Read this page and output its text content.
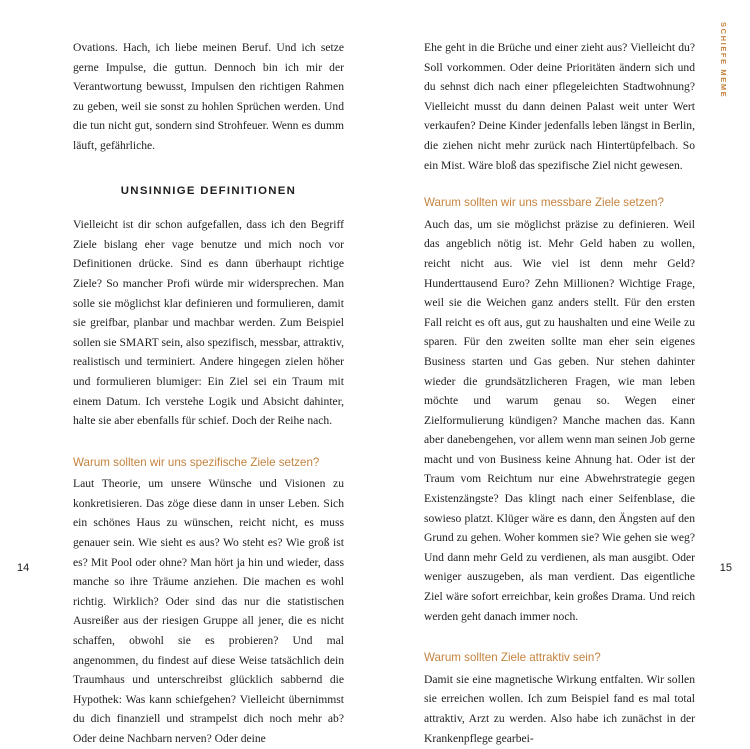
Ovations. Hach, ich liebe meinen Beruf. Und ich setze gerne Impulse, die guttun. Dennoch bin ich mir der Verantwortung bewusst, Impulsen den richtigen Rahmen zu geben, weil sie sonst zu hohlen Sprüchen werden. Und die tun nicht gut, sondern sind Strohfeuer. Wenn es dumm läuft, gefährliche.

UNSINNIGE DEFINITIONEN

Vielleicht ist dir schon aufgefallen, dass ich den Begriff Ziele bislang eher vage benutze und mich noch vor Definitionen drücke. Sind es dann überhaupt richtige Ziele? So mancher Profi würde mir widersprechen. Man solle sie möglichst klar definieren und formulieren, damit sie greifbar, planbar und machbar werden. Zum Beispiel sollen sie SMART sein, also spezifisch, messbar, attraktiv, realistisch und terminiert. Andere hingegen zielen höher und formulieren blumiger: Ein Ziel sei ein Traum mit einem Datum. Ich verstehe Logik und Absicht dahinter, halte sie aber ebenfalls für schief. Doch der Reihe nach.

Warum sollten wir uns spezifische Ziele setzen?

Laut Theorie, um unsere Wünsche und Visionen zu konkretisieren. Das zöge diese dann in unser Leben. Sich ein schönes Haus zu wünschen, reicht nicht, es muss genauer sein. Wie sieht es aus? Wo steht es? Wie groß ist es? Mit Pool oder ohne? Man hört ja hin und wieder, dass manche so ihre Träume anziehen. Die machen es wohl richtig. Wirklich? Oder sind das nur die statistischen Ausreißer aus der riesigen Gruppe all jener, die es nicht schaffen, obwohl sie es probieren? Und mal angenommen, du findest auf diese Weise tatsächlich dein Traumhaus und unterschreibst glücklich sabbernd die Hypothek: Was kann schiefgehen? Vielleicht übernimmst du dich finanziell und strampelst dich noch mehr ab? Oder deine Nachbarn nerven? Oder deine

Ehe geht in die Brüche und einer zieht aus? Vielleicht du? Soll vorkommen. Oder deine Prioritäten ändern sich und du sehnst dich nach einer pflegeleichten Stadtwohnung? Vielleicht musst du dann deinen Palast weit unter Wert verkaufen? Deine Kinder jedenfalls leben längst in Berlin, die ziehen nicht mehr zurück nach Hintertüpfelbach. So ein Mist. Wäre bloß das spezifische Ziel nicht gewesen.

Warum sollten wir uns messbare Ziele setzen?

Auch das, um sie möglichst präzise zu definieren. Weil das angeblich nötig ist. Mehr Geld haben zu wollen, reicht nicht aus. Wie viel ist denn mehr Geld? Hunderttausend Euro? Zehn Millionen? Wichtige Frage, weil sie die Weichen ganz anders stellt. Für den ersten Fall reicht es oft aus, gut zu haushalten und eine Weile zu sparen. Für den zweiten sollte man eher sein eigenes Business starten und Gas geben. Nur stehen dahinter wieder die grundsätzlicheren Fragen, wie man leben möchte und warum genau so. Wegen einer Zielformulierung kündigen? Manche machen das. Kann aber danebengehen, vor allem wenn man seinen Job gerne macht und von Business keine Ahnung hat. Oder ist der Traum vom Reichtum nur eine Abwehrstrategie gegen Existenzängste? Das klingt nach einer Seifenblase, die sowieso platzt. Klüger wäre es dann, den Ängsten auf den Grund zu gehen. Woher kommen sie? Wie gehen sie weg? Und dann mehr Geld zu verdienen, als man ausgibt. Oder weniger auszugeben, als man verdient. Das eigentliche Ziel wäre sofort erreichbar, kein großes Drama. Und reich werden geht danach immer noch.

Warum sollten Ziele attraktiv sein?

Damit sie eine magnetische Wirkung entfalten. Wir sollen sie erreichen wollen. Ich zum Beispiel fand es mal total attraktiv, Arzt zu werden. Also habe ich zunächst in der Krankenpflege gearbei-

SCHIEFE MEME
14	15
